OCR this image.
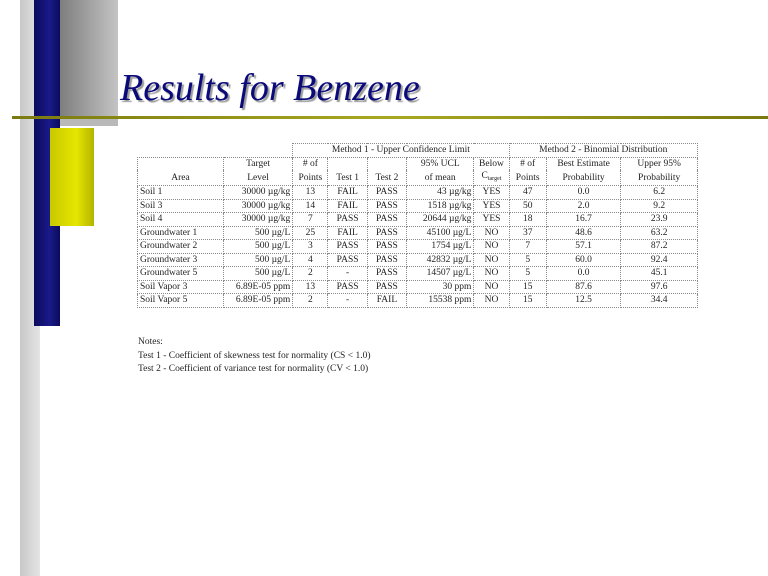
Results for Benzene
		Method 1 - Upper Confidence Limit					Method 2 - Binomial Distribution		
	Target	# of			95% UCL	Below	# of	Best Estimate	Upper 95%
Area	Level	Points	Test 1	Test 2	of mean	$C_{target}$	Points	Probability	Probability
Soil 1	30000 µg/kg	13	FAIL	PASS	43 µg/kg	YES	47	0.0	6.2
Soil 3	30000 µg/kg	14	FAIL	PASS	1518 µg/kg	YES	50	2.0	9.2
Soil 4	30000 µg/kg	7	PASS	PASS	20644 µg/kg	YES	18	16.7	23.9
Groundwater 1	500 µg/L	25	FAIL	PASS	45100 µg/L	NO	37	48.6	63.2
Groundwater 2	500 µg/L	3	PASS	PASS	1754 µg/L	NO	7	57.1	87.2
Groundwater 3	500 µg/L	4	PASS	PASS	42832 µg/L	NO	5	60.0	92.4
Groundwater 5	500 µg/L	2	-	PASS	14507 µg/L	NO	5	0.0	45.1
Soil Vapor 3	6.89E-05 ppm	13	PASS	PASS	30 ppm	NO	15	87.6	97.6
Soil Vapor 5	6.89E-05 ppm	2	-	FAIL	15538 ppm	NO	15	12.5	34.4
Notes:
Test 1 - Coefficient of skewness test for normality (CS < 1.0)
Test 2 - Coefficient of variance test for normality (CV < 1.0)
